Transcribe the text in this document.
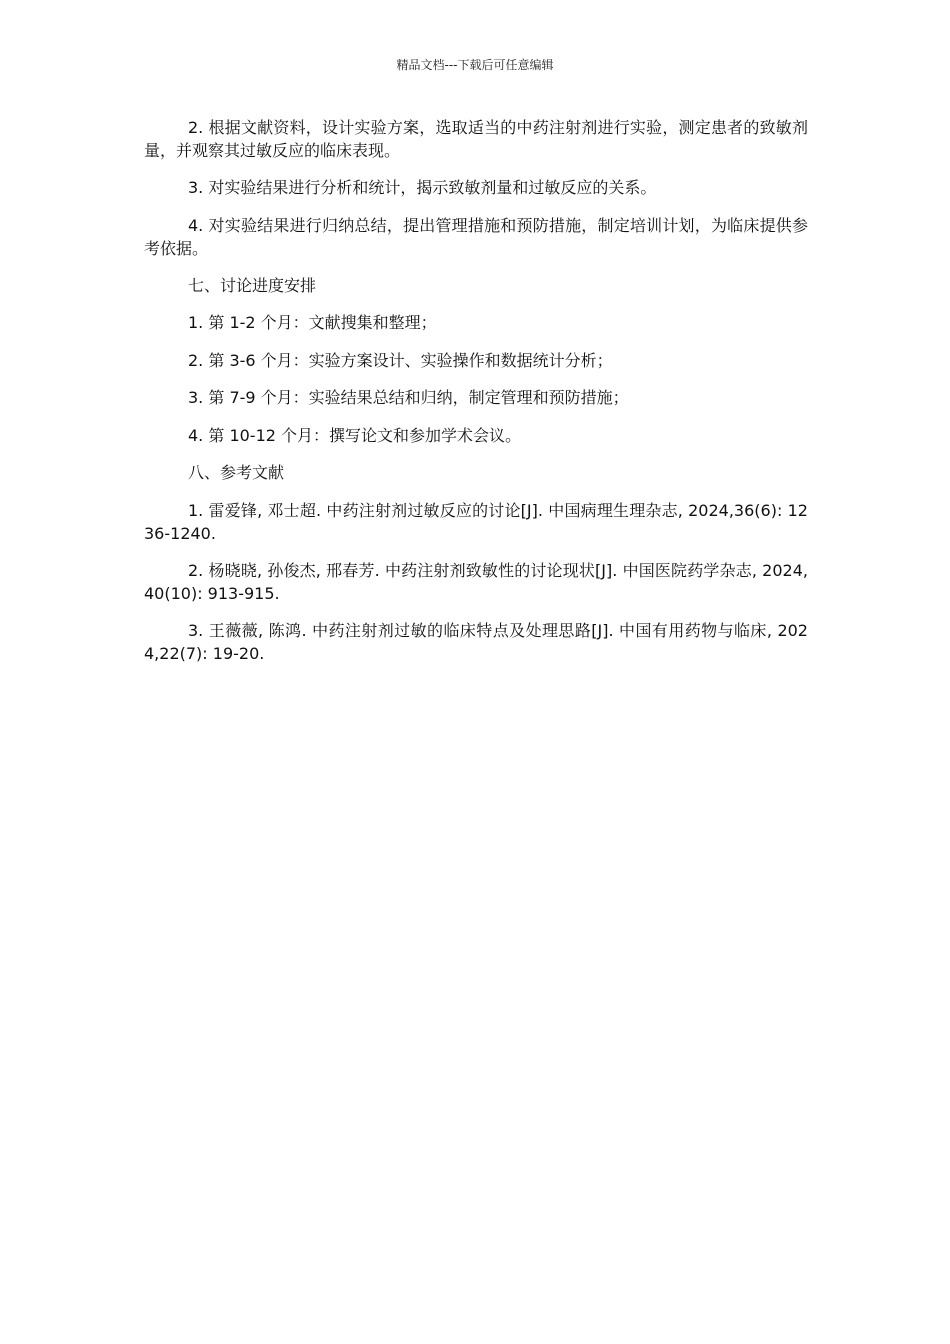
精品文档---下载后可任意编辑

2. 根据文献资料，设计实验方案，选取适当的中药注射剂进行实验，测定患者的致敏剂量，并观察其过敏反应的临床表现。

3. 对实验结果进行分析和统计，揭示致敏剂量和过敏反应的关系。

4. 对实验结果进行归纳总结，提出管理措施和预防措施，制定培训计划，为临床提供参考依据。

七、讨论进度安排

1. 第 1-2 个月：文献搜集和整理；

2. 第 3-6 个月：实验方案设计、实验操作和数据统计分析；

3. 第 7-9 个月：实验结果总结和归纳，制定管理和预防措施；

4. 第 10-12 个月：撰写论文和参加学术会议。

八、参考文献

1. 雷爱锋, 邓士超. 中药注射剂过敏反应的讨论[J]. 中国病理生理杂志, 2024,36(6): 1236-1240.

2. 杨晓晓, 孙俊杰, 邢春芳. 中药注射剂致敏性的讨论现状[J]. 中国医院药学杂志, 2024,40(10): 913-915.

3. 王薇薇, 陈鸿. 中药注射剂过敏的临床特点及处理思路[J]. 中国有用药物与临床, 2024,22(7): 19-20.
